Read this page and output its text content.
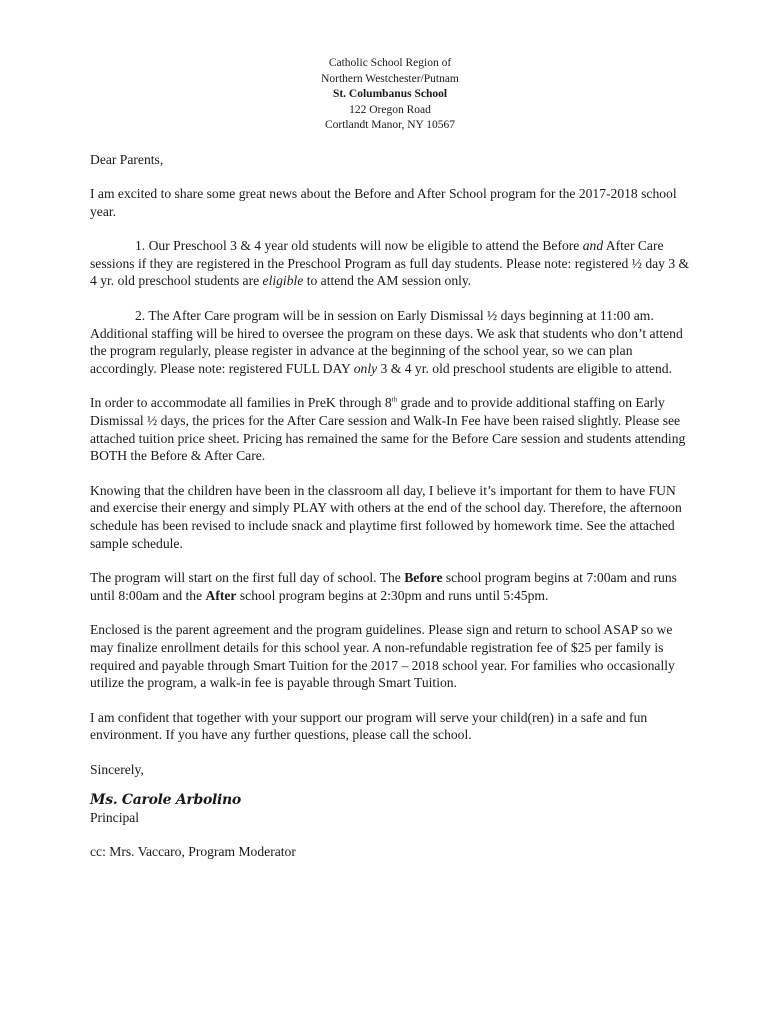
Catholic School Region of
Northern Westchester/Putnam
St. Columbanus School
122 Oregon Road
Cortlandt Manor, NY 10567

Dear Parents,

I am excited to share some great news about the Before and After School program for the 2017-2018 school year.

1. Our Preschool 3 & 4 year old students will now be eligible to attend the Before and After Care sessions if they are registered in the Preschool Program as full day students. Please note: registered ½ day 3 & 4 yr. old preschool students are eligible to attend the AM session only.

2. The After Care program will be in session on Early Dismissal ½ days beginning at 11:00 am. Additional staffing will be hired to oversee the program on these days. We ask that students who don’t attend the program regularly, please register in advance at the beginning of the school year, so we can plan accordingly. Please note: registered FULL DAY only 3 & 4 yr. old preschool students are eligible to attend.

In order to accommodate all families in PreK through 8th grade and to provide additional staffing on Early Dismissal ½ days, the prices for the After Care session and Walk-In Fee have been raised slightly. Please see attached tuition price sheet. Pricing has remained the same for the Before Care session and students attending BOTH the Before & After Care.

Knowing that the children have been in the classroom all day, I believe it’s important for them to have FUN and exercise their energy and simply PLAY with others at the end of the school day. Therefore, the afternoon schedule has been revised to include snack and playtime first followed by homework time. See the attached sample schedule.

The program will start on the first full day of school. The Before school program begins at 7:00am and runs until 8:00am and the After school program begins at 2:30pm and runs until 5:45pm.

Enclosed is the parent agreement and the program guidelines. Please sign and return to school ASAP so we may finalize enrollment details for this school year. A non-refundable registration fee of $25 per family is required and payable through Smart Tuition for the 2017 – 2018 school year. For families who occasionally utilize the program, a walk-in fee is payable through Smart Tuition.

I am confident that together with your support our program will serve your child(ren) in a safe and fun environment. If you have any further questions, please call the school.

Sincerely,

Ms. Carole Arbolino

Principal

cc: Mrs. Vaccaro, Program Moderator
